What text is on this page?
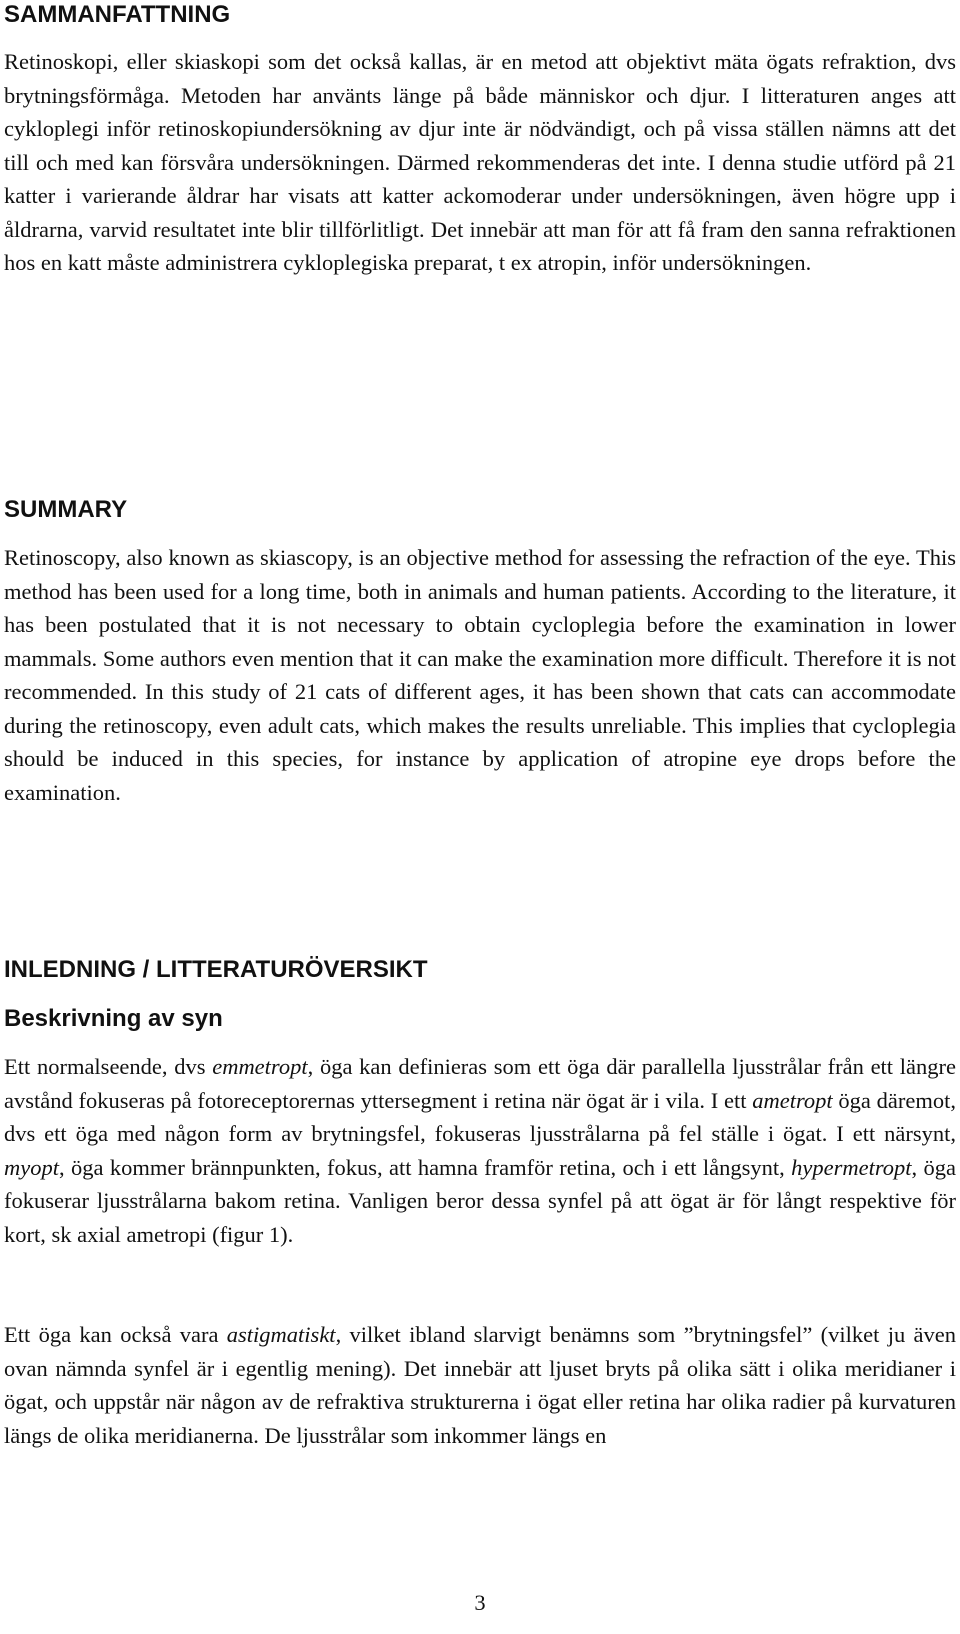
SAMMANFATTNING

Retinoskopi, eller skiaskopi som det också kallas, är en metod att objektivt mäta ögats refraktion, dvs brytningsförmåga. Metoden har använts länge på både människor och djur. I litteraturen anges att cykloplegi inför retinoskopiundersökning av djur inte är nödvändigt, och på vissa ställen nämns att det till och med kan försvåra undersökningen. Därmed rekommenderas det inte. I denna studie utförd på 21 katter i varierande åldrar har visats att katter ackomoderar under undersökningen, även högre upp i åldrarna, varvid resultatet inte blir tillförlitligt. Det innebär att man för att få fram den sanna refraktionen hos en katt måste administrera cykloplegiska preparat, t ex atropin, inför undersökningen.

SUMMARY

Retinoscopy, also known as skiascopy, is an objective method for assessing the refraction of the eye. This method has been used for a long time, both in animals and human patients. According to the literature, it has been postulated that it is not necessary to obtain cycloplegia before the examination in lower mammals. Some authors even mention that it can make the examination more difficult. Therefore it is not recommended. In this study of 21 cats of different ages, it has been shown that cats can accommodate during the retinoscopy, even adult cats, which makes the results unreliable. This implies that cycloplegia should be induced in this species, for instance by application of atropine eye drops before the examination.

INLEDNING / LITTERATURÖVERSIKT
Beskrivning av syn

Ett normalseende, dvs emmetropt, öga kan definieras som ett öga där parallella ljusstrålar från ett längre avstånd fokuseras på fotoreceptorernas yttersegment i retina när ögat är i vila. I ett ametropt öga däremot, dvs ett öga med någon form av brytningsfel, fokuseras ljusstrålarna på fel ställe i ögat. I ett närsynt, myopt, öga kommer brännpunkten, fokus, att hamna framför retina, och i ett långsynt, hypermetropt, öga fokuserar ljusstrålarna bakom retina. Vanligen beror dessa synfel på att ögat är för långt respektive för kort, sk axial ametropi (figur 1).

Ett öga kan också vara astigmatiskt, vilket ibland slarvigt benämns som ”brytningsfel” (vilket ju även ovan nämnda synfel är i egentlig mening). Det innebär att ljuset bryts på olika sätt i olika meridianer i ögat, och uppstår när någon av de refraktiva strukturerna i ögat eller retina har olika radier på kurvaturen längs de olika meridianerna. De ljusstrålar som inkommer längs en

3
